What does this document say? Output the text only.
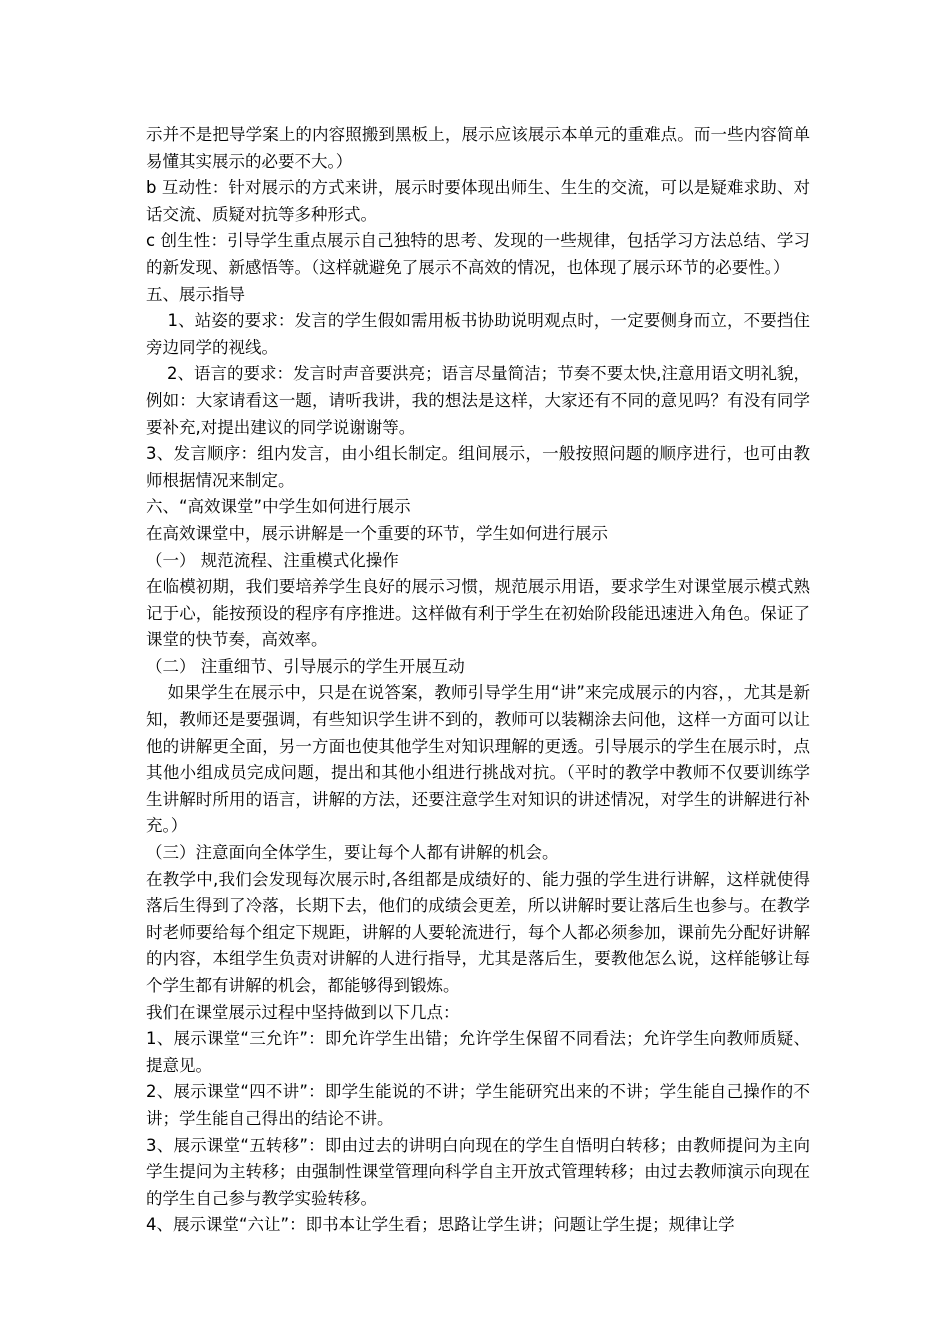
示并不是把导学案上的内容照搬到黑板上，展示应该展示本单元的重难点。而一些内容简单易懂其实展示的必要不大。）

b 互动性：针对展示的方式来讲，展示时要体现出师生、生生的交流，可以是疑难求助、对话交流、质疑对抗等多种形式。

c 创生性：引导学生重点展示自己独特的思考、发现的一些规律，包括学习方法总结、学习的新发现、新感悟等。（这样就避免了展示不高效的情况，也体现了展示环节的必要性。）

五、展示指导

1、站姿的要求：发言的学生假如需用板书协助说明观点时，一定要侧身而立，不要挡住旁边同学的视线。

2、语言的要求：发言时声音要洪亮；语言尽量简洁；节奏不要太快,注意用语文明礼貌，例如：大家请看这一题，请听我讲，我的想法是这样，大家还有不同的意见吗？有没有同学要补充,对提出建议的同学说谢谢等。

3、发言顺序：组内发言，由小组长制定。组间展示，一般按照问题的顺序进行，也可由教师根据情况来制定。

六、“高效课堂”中学生如何进行展示

在高效课堂中，展示讲解是一个重要的环节，学生如何进行展示

（一） 规范流程、注重模式化操作

在临模初期，我们要培养学生良好的展示习惯，规范展示用语，要求学生对课堂展示模式熟记于心，能按预设的程序有序推进。这样做有利于学生在初始阶段能迅速进入角色。保证了课堂的快节奏，高效率。

（二） 注重细节、引导展示的学生开展互动

如果学生在展示中，只是在说答案，教师引导学生用“讲”来完成展示的内容，，尤其是新知，教师还是要强调，有些知识学生讲不到的，教师可以装糊涂去问他，这样一方面可以让他的讲解更全面，另一方面也使其他学生对知识理解的更透。引导展示的学生在展示时，点其他小组成员完成问题，提出和其他小组进行挑战对抗。（平时的教学中教师不仅要训练学生讲解时所用的语言，讲解的方法，还要注意学生对知识的讲述情况，对学生的讲解进行补充。）

（三）注意面向全体学生，要让每个人都有讲解的机会。

在教学中,我们会发现每次展示时,各组都是成绩好的、能力强的学生进行讲解，这样就使得落后生得到了冷落，长期下去，他们的成绩会更差，所以讲解时要让落后生也参与。在教学时老师要给每个组定下规距，讲解的人要轮流进行，每个人都必须参加，课前先分配好讲解的内容，本组学生负责对讲解的人进行指导，尤其是落后生，要教他怎么说，这样能够让每个学生都有讲解的机会，都能够得到锻炼。

我们在课堂展示过程中坚持做到以下几点：

1、展示课堂“三允许”：即允许学生出错；允许学生保留不同看法；允许学生向教师质疑、提意见。

2、展示课堂“四不讲”：即学生能说的不讲；学生能研究出来的不讲；学生能自己操作的不讲；学生能自己得出的结论不讲。

3、展示课堂“五转移”：即由过去的讲明白向现在的学生自悟明白转移；由教师提问为主向学生提问为主转移；由强制性课堂管理向科学自主开放式管理转移；由过去教师演示向现在的学生自己参与教学实验转移。

4、展示课堂“六让”：即书本让学生看；思路让学生讲；问题让学生提；规律让学
